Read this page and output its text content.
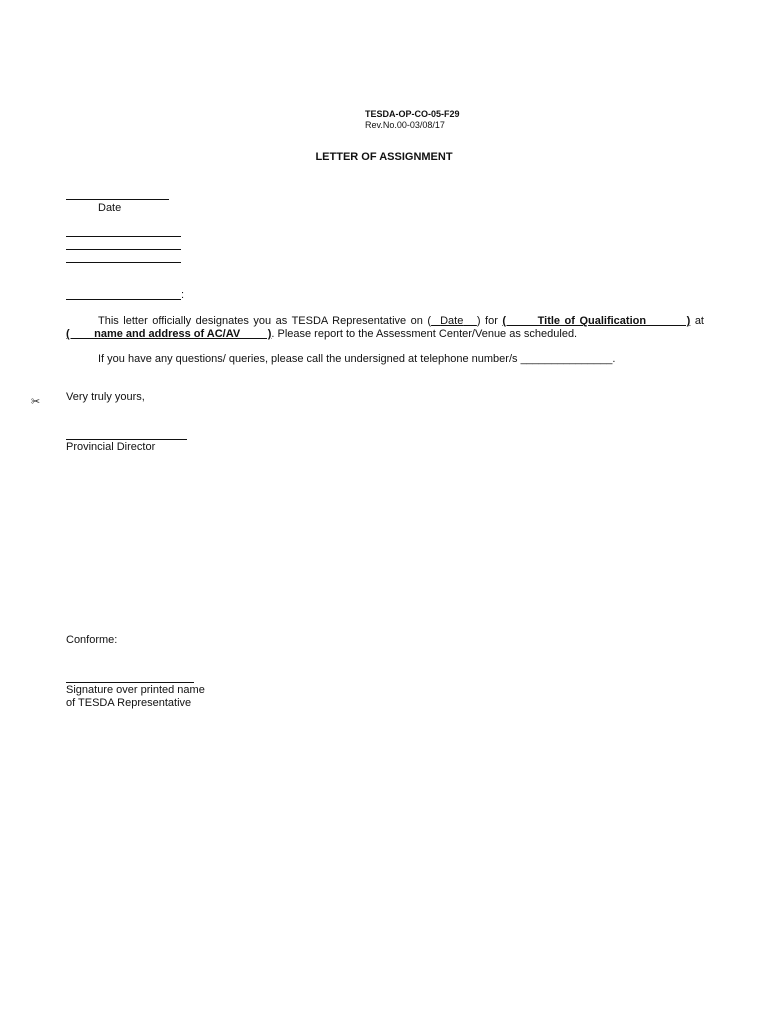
TESDA-OP-CO-05-F29
Rev.No.00-03/08/17
LETTER OF ASSIGNMENT
Date
:
This letter officially designates you as TESDA Representative on ( Date ) for (       Title of Qualification         ) at (        name and address of AC/AV         ). Please report to the Assessment Center/Venue as scheduled.
If you have any questions/ queries, please call the undersigned at telephone number/s _______________.
✂ Very truly yours,
Provincial Director
Conforme:
Signature over printed name
of TESDA Representative
